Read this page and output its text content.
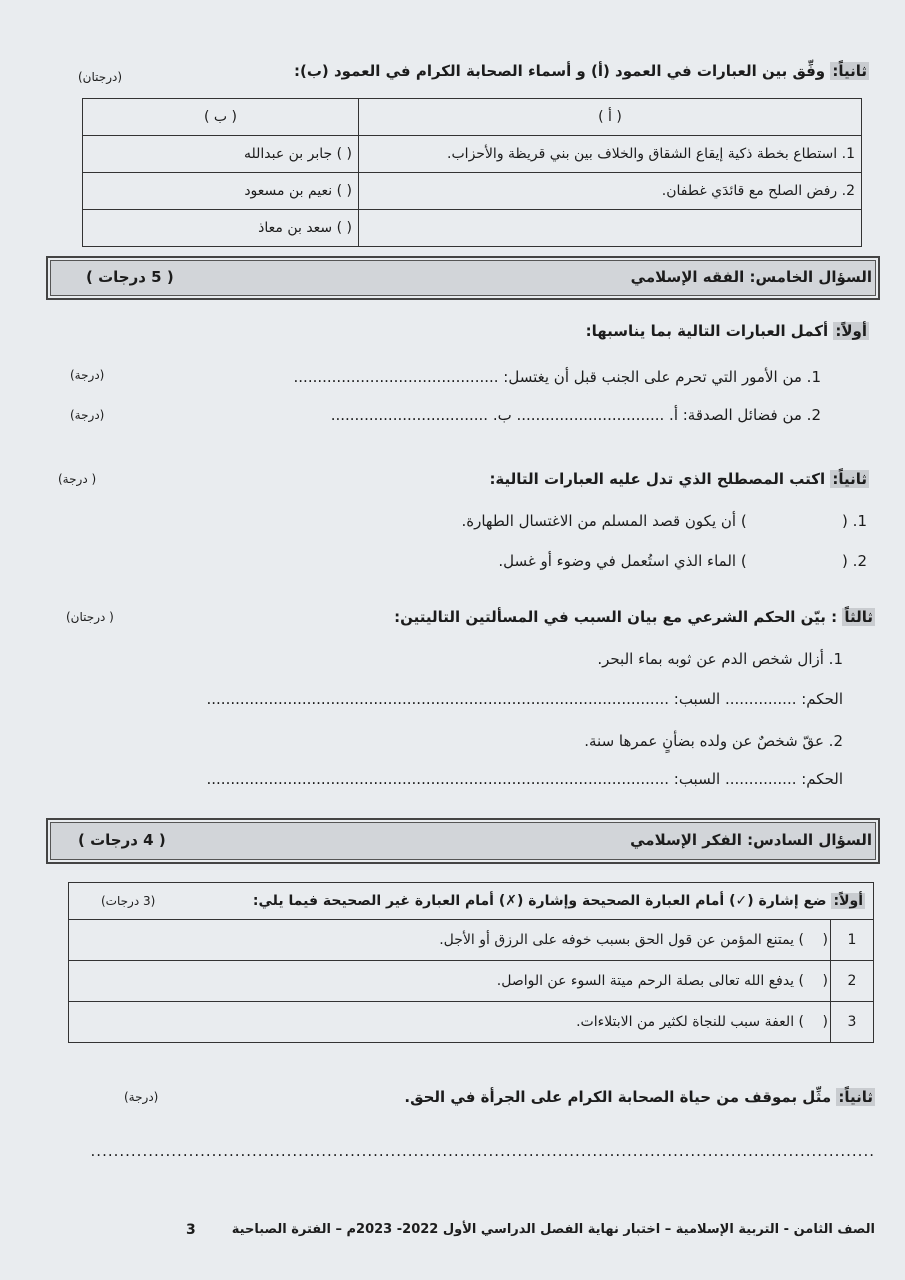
ثانياً: وفِّق بين العبارات في العمود (أ) و أسماء الصحابة الكرام في العمود (ب):
(درجتان)
( أ )	( ب )
1. استطاع بخطة ذكية إيقاع الشقاق والخلاف بين بني قريظة والأحزاب.	( ) جابر بن عبدالله
2. رفض الصلح مع قائدَي غطفان.	( ) نعيم بن مسعود
	( ) سعد بن معاذ
السؤال الخامس: الفقه الإسلامي
( 5 درجات )
أولاً: أكمل العبارات التالية بما يناسبها:
1. من الأمور التي تحرم على الجنب قبل أن يغتسل: ...........................................
(درجة)
2. من فضائل الصدقة: أ. ............................... ب. .................................
(درجة)
ثانياً: اكتب المصطلح الذي تدل عليه العبارات التالية:
( درجة)
1. (                    ) أن يكون قصد المسلم من الاغتسال الطهارة.
2. (                    ) الماء الذي استُعمل في وضوء أو غسل.
ثالثاً : بيّن الحكم الشرعي مع بيان السبب في المسألتين التاليتين:
( درجتان)
1. أزال شخص الدم عن ثوبه بماء البحر.
الحكم: ............... السبب: .................................................................................................
2. عقّ شخصٌ عن ولده بضأنٍ عمرها سنة.
الحكم: ............... السبب: .................................................................................................
السؤال السادس: الفكر الإسلامي
( 4 درجات )
أولاً: ضع إشارة (✓) أمام العبارة الصحيحة وإشارة (✗) أمام العبارة غير الصحيحة فيما يلي:
(3 درجات)		

1	(	) يمتنع المؤمن عن قول الحق بسبب خوفه على الرزق أو الأجل.
2	(	) يدفع الله تعالى بصلة الرحم ميتة السوء عن الواصل.
3	(	) العفة سبب للنجاة لكثير من الابتلاءات.
ثانياً: مثِّل بموقف من حياة الصحابة الكرام على الجرأة في الحق.
(درجة)
........................................................................................................................................
الصف الثامن - التربية الإسلامية – اختبار نهاية الفصل الدراسي الأول 2022- 2023م – الفترة الصباحية
3
